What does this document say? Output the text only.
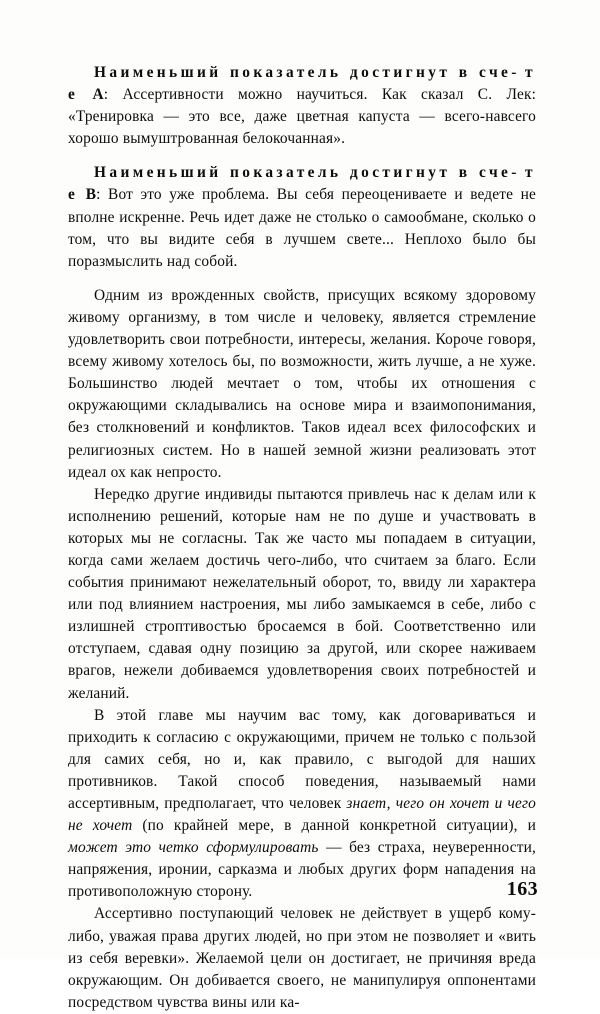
Наименьший показатель достигнут в сче- т е А: Ассертивности можно научиться. Как сказал С. Лек: «Тренировка — это все, даже цветная капуста — всего-навсего хорошо вымуштрованная белокочанная».

Наименьший показатель достигнут в сче- т е В: Вот это уже проблема. Вы себя переоцениваете и ведете не вполне искренне. Речь идет даже не столько о самообмане, сколько о том, что вы видите себя в лучшем свете... Неплохо было бы поразмыслить над собой.

Одним из врожденных свойств, присущих всякому здоровому живому организму, в том числе и человеку, является стремление удовлетворить свои потребности, интересы, желания. Короче говоря, всему живому хотелось бы, по возможности, жить лучше, а не хуже. Большинство людей мечтает о том, чтобы их отношения с окружающими складывались на основе мира и взаимопонимания, без столкновений и конфликтов. Таков идеал всех философских и религиозных систем. Но в нашей земной жизни реализовать этот идеал ох как непросто.

Нередко другие индивиды пытаются привлечь нас к делам или к исполнению решений, которые нам не по душе и участвовать в которых мы не согласны. Так же часто мы попадаем в ситуации, когда сами желаем достичь чего-либо, что считаем за благо. Если события принимают нежелательный оборот, то, ввиду ли характера или под влиянием настроения, мы либо замыкаемся в себе, либо с излишней строптивостью бросаемся в бой. Соответственно или отступаем, сдавая одну позицию за другой, или скорее наживаем врагов, нежели добиваемся удовлетворения своих потребностей и желаний.

В этой главе мы научим вас тому, как договариваться и приходить к согласию с окружающими, причем не только с пользой для самих себя, но и, как правило, с выгодой для наших противников. Такой способ поведения, называемый нами ассертивным, предполагает, что человек знает, чего он хочет и чего не хочет (по крайней мере, в данной конкретной ситуации), и может это четко сформулировать — без страха, неуверенности, напряжения, иронии, сарказма и любых других форм нападения на противоположную сторону.

Ассертивно поступающий человек не действует в ущерб кому-либо, уважая права других людей, но при этом не позволяет и «вить из себя веревки». Желаемой цели он достигает, не причиняя вреда окружающим. Он добивается своего, не манипулируя оппонентами посредством чувства вины или ка-

163
